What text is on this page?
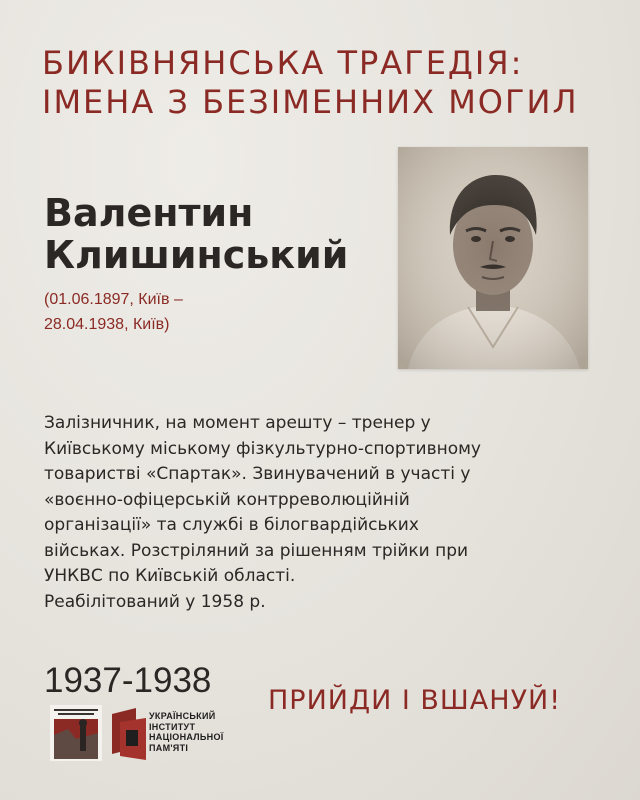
БИКІВНЯНСЬКА ТРАГЕДІЯ:
ІМЕНА З БЕЗІМЕННИХ МОГИЛ
Валентин
Клишинський
(01.06.1897, Київ –
28.04.1938, Київ)
Залізничник, на момент арешту – тренер у
Київському міському фізкультурно-спортивному
товаристві «Спартак». Звинувачений в участі у
«воєнно-офіцерській контрреволюційній
організації» та службі в білогвардійських
військах. Розстріляний за рішенням трійки при
УНКВС по Київській області.
Реабілітований у 1958 р.
1937-1938
УКРАЇНСЬКИЙ
ІНСТИТУТ
НАЦІОНАЛЬНОЇ
ПАМ'ЯТІ
ПРИЙДИ І ВШАНУЙ!
